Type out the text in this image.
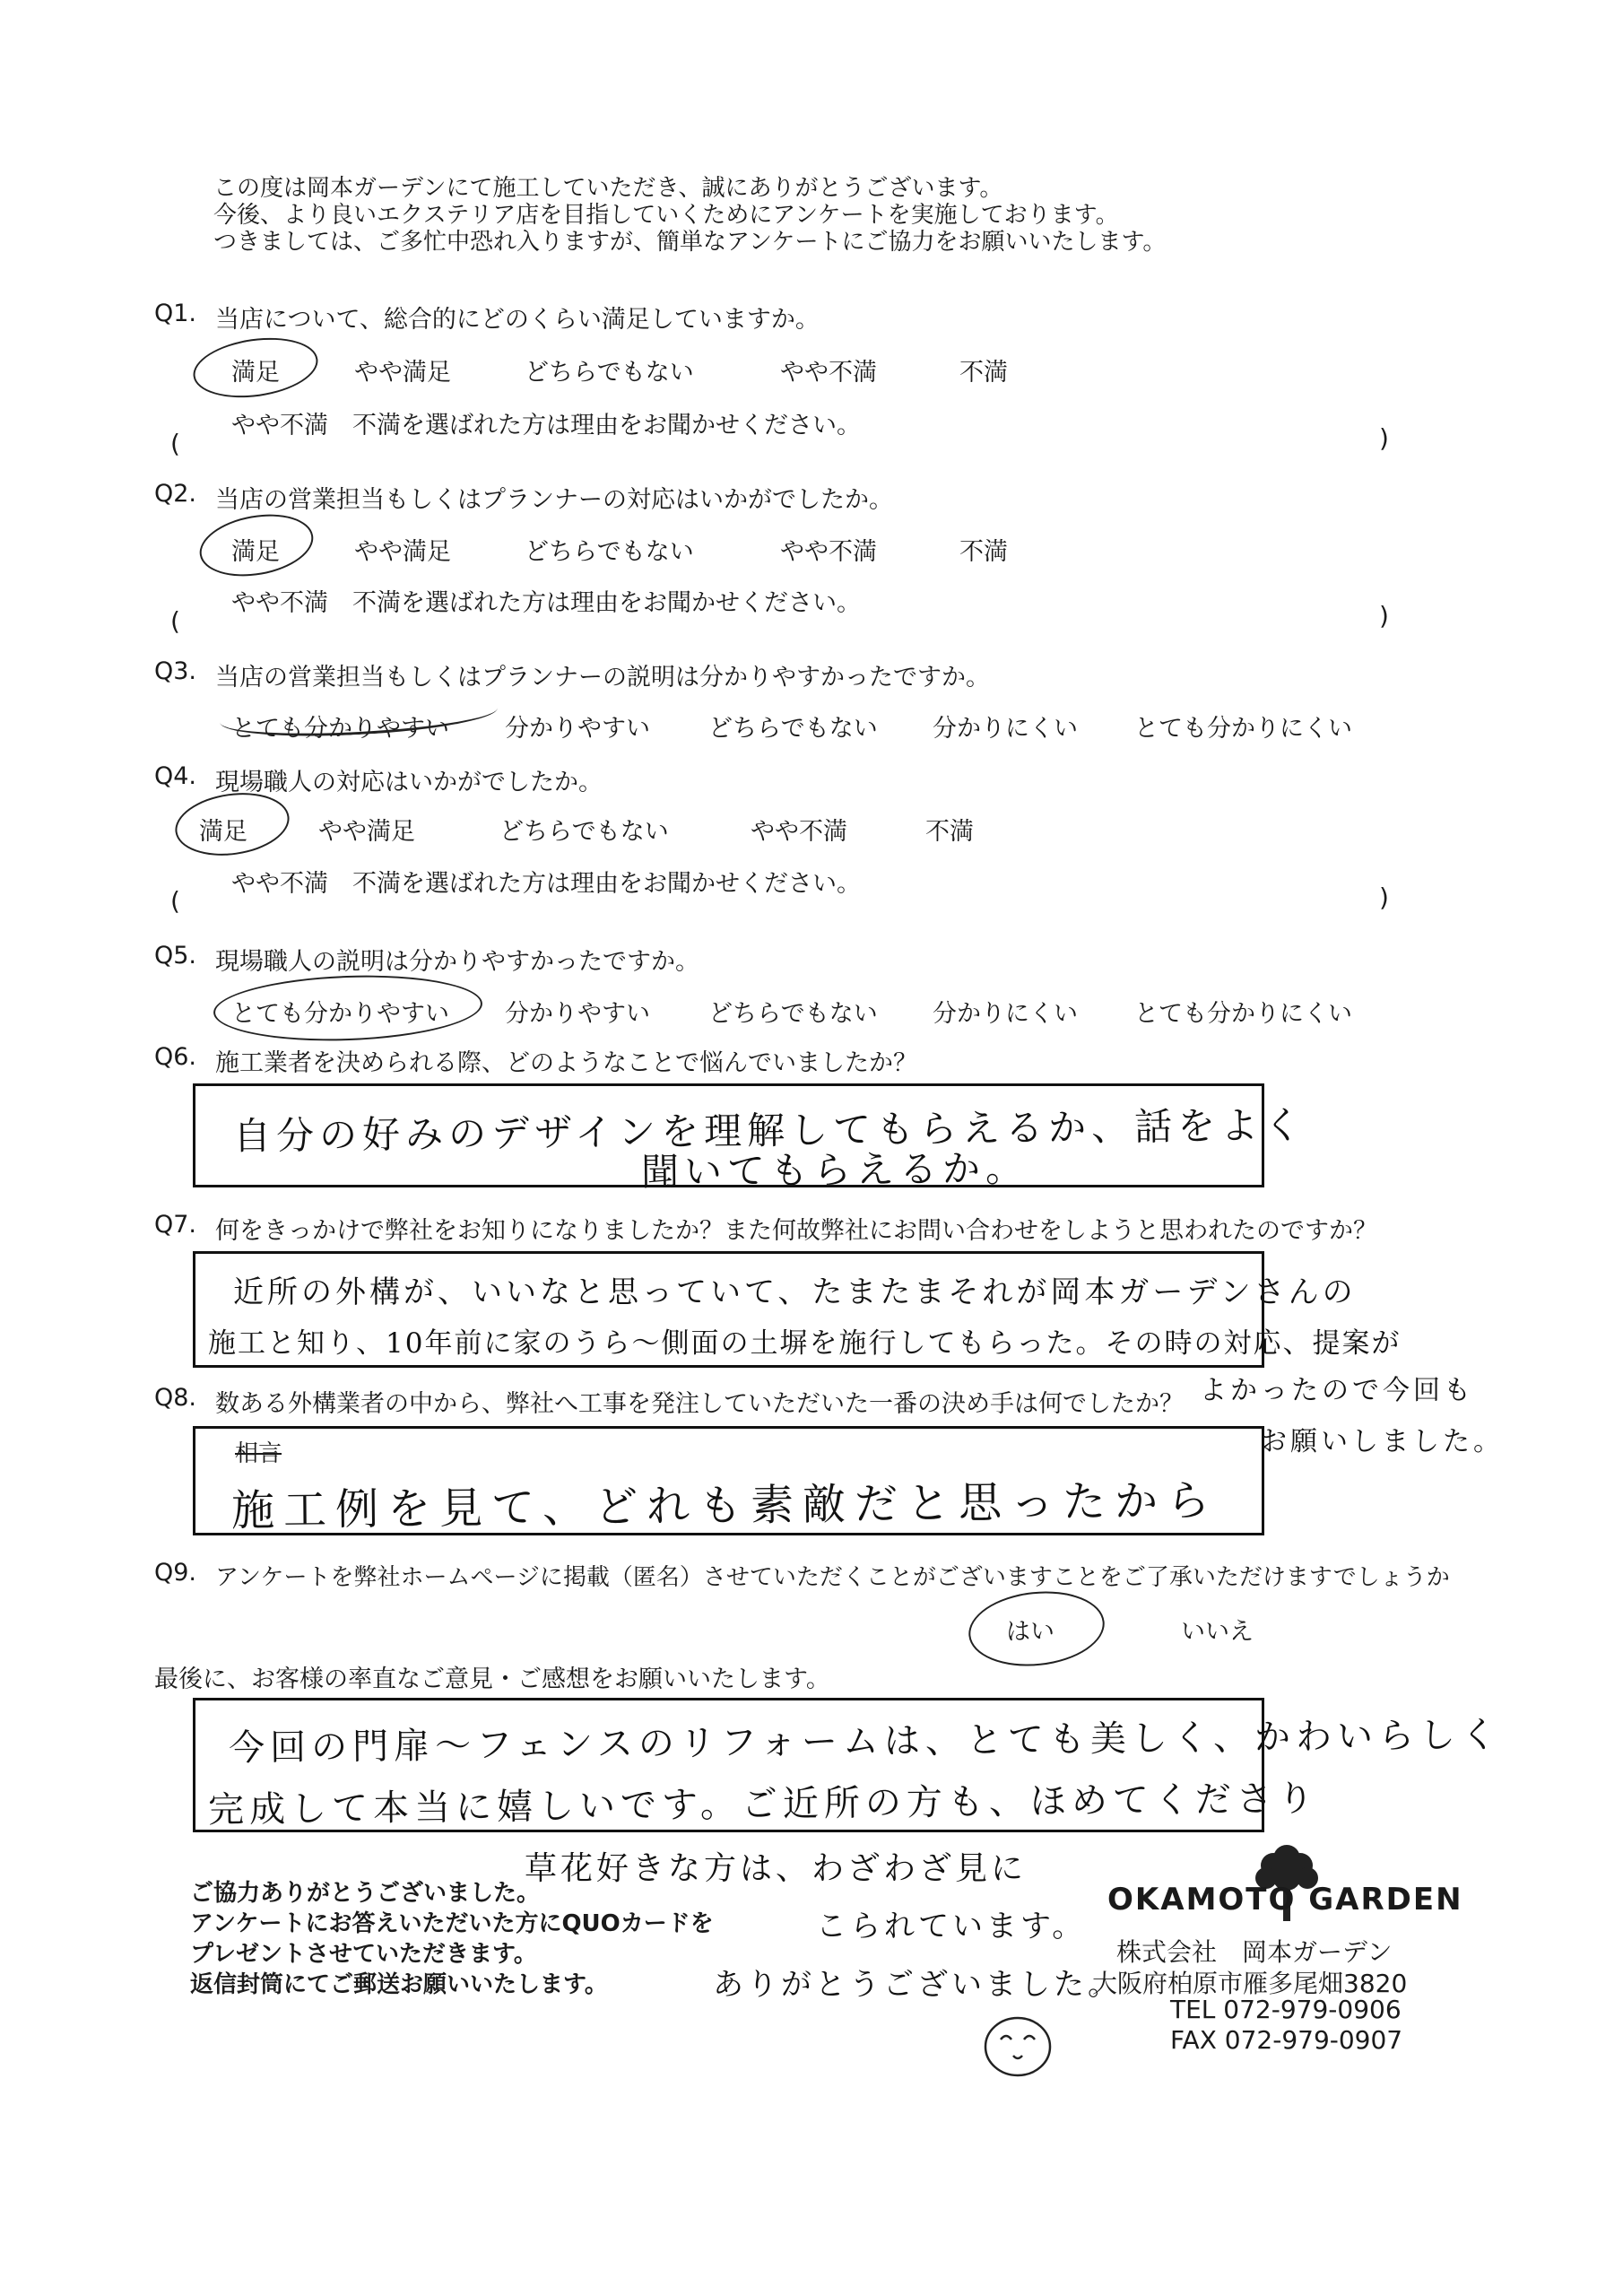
この度は岡本ガーデンにて施工していただき、誠にありがとうございます。
今後、より良いエクステリア店を目指していくためにアンケートを実施しております。
つきましては、ご多忙中恐れ入りますが、簡単なアンケートにご協力をお願いいたします。
Q1. 当店について、総合的にどのくらい満足していますか。
満足	やや満足	どちらでもない	やや不満	不満
やや不満　不満を選ばれた方は理由をお聞かせください。
(	)
Q2. 当店の営業担当もしくはプランナーの対応はいかがでしたか。
満足	やや満足	どちらでもない	やや不満	不満
やや不満　不満を選ばれた方は理由をお聞かせください。
(	)
Q3. 当店の営業担当もしくはプランナーの説明は分かりやすかったですか。
とても分かりやすい 分かりやすい どちらでもない 分かりにくい とても分かりにくい
Q4. 現場職人の対応はいかがでしたか。
満足	やや満足	どちらでもない	やや不満	不満
やや不満　不満を選ばれた方は理由をお聞かせください。
(	)
Q5. 現場職人の説明は分かりやすかったですか。
とても分かりやすい 分かりやすい どちらでもない 分かりにくい とても分かりにくい
Q6. 施工業者を決められる際、どのようなことで悩んでいましたか？
自分の好みのデザインを理解してもらえるか、話をよく
聞いてもらえるか。
Q7. 何をきっかけで弊社をお知りになりましたか？また何故弊社にお問い合わせをしようと思われたのですか？
近所の外構が、いいなと思っていて、たまたまそれが岡本ガーデンさんの
施工と知り、10年前に家のうら〜側面の土塀を施行してもらった。その時の対応、提案が
よかったので今回も
お願いしました。
Q8. 数ある外構業者の中から、弊社へ工事を発注していただいた一番の決め手は何でしたか？
相言
施工例を見て、どれも素敵だと思ったから
Q9. アンケートを弊社ホームページに掲載（匿名）させていただくことがございますことをご了承いただけますでしょうか
はい	いいえ
最後に、お客様の率直なご意見・ご感想をお願いいたします。
今回の門扉〜フェンスのリフォームは、とても美しく、かわいらしく
完成して本当に嬉しいです。ご近所の方も、ほめてくださり
草花好きな方は、わざわざ見に
こられています。
ありがとうございました。
ご協力ありがとうございました。
アンケートにお答えいただいた方にQUOカードを
プレゼントさせていただきます。
返信封筒にてご郵送お願いいたします。
OKAMOTO GARDEN
株式会社　岡本ガーデン
大阪府柏原市雁多尾畑3820
TEL 072-979-0906
FAX 072-979-0907
